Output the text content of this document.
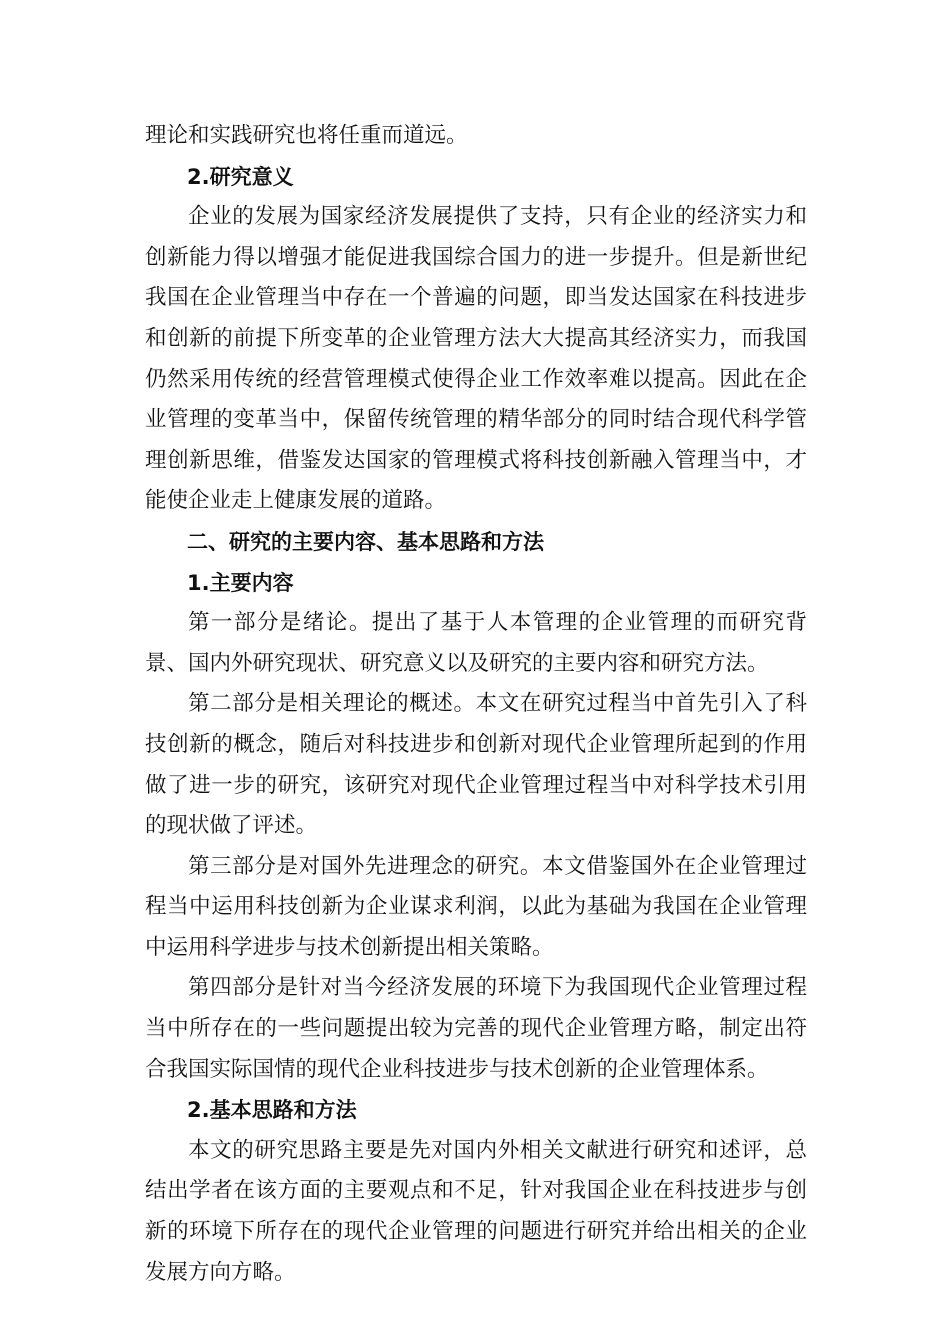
理论和实践研究也将任重而道远。

2.研究意义

企业的发展为国家经济发展提供了支持，只有企业的经济实力和创新能力得以增强才能促进我国综合国力的进一步提升。但是新世纪我国在企业管理当中存在一个普遍的问题，即当发达国家在科技进步和创新的前提下所变革的企业管理方法大大提高其经济实力，而我国仍然采用传统的经营管理模式使得企业工作效率难以提高。因此在企业管理的变革当中，保留传统管理的精华部分的同时结合现代科学管理创新思维，借鉴发达国家的管理模式将科技创新融入管理当中，才能使企业走上健康发展的道路。

二、研究的主要内容、基本思路和方法

1.主要内容

第一部分是绪论。提出了基于人本管理的企业管理的而研究背景、国内外研究现状、研究意义以及研究的主要内容和研究方法。

第二部分是相关理论的概述。本文在研究过程当中首先引入了科技创新的概念，随后对科技进步和创新对现代企业管理所起到的作用做了进一步的研究，该研究对现代企业管理过程当中对科学技术引用的现状做了评述。

第三部分是对国外先进理念的研究。本文借鉴国外在企业管理过程当中运用科技创新为企业谋求利润，以此为基础为我国在企业管理中运用科学进步与技术创新提出相关策略。

第四部分是针对当今经济发展的环境下为我国现代企业管理过程当中所存在的一些问题提出较为完善的现代企业管理方略，制定出符合我国实际国情的现代企业科技进步与技术创新的企业管理体系。

2.基本思路和方法

本文的研究思路主要是先对国内外相关文献进行研究和述评，总结出学者在该方面的主要观点和不足，针对我国企业在科技进步与创新的环境下所存在的现代企业管理的问题进行研究并给出相关的企业发展方向方略。
